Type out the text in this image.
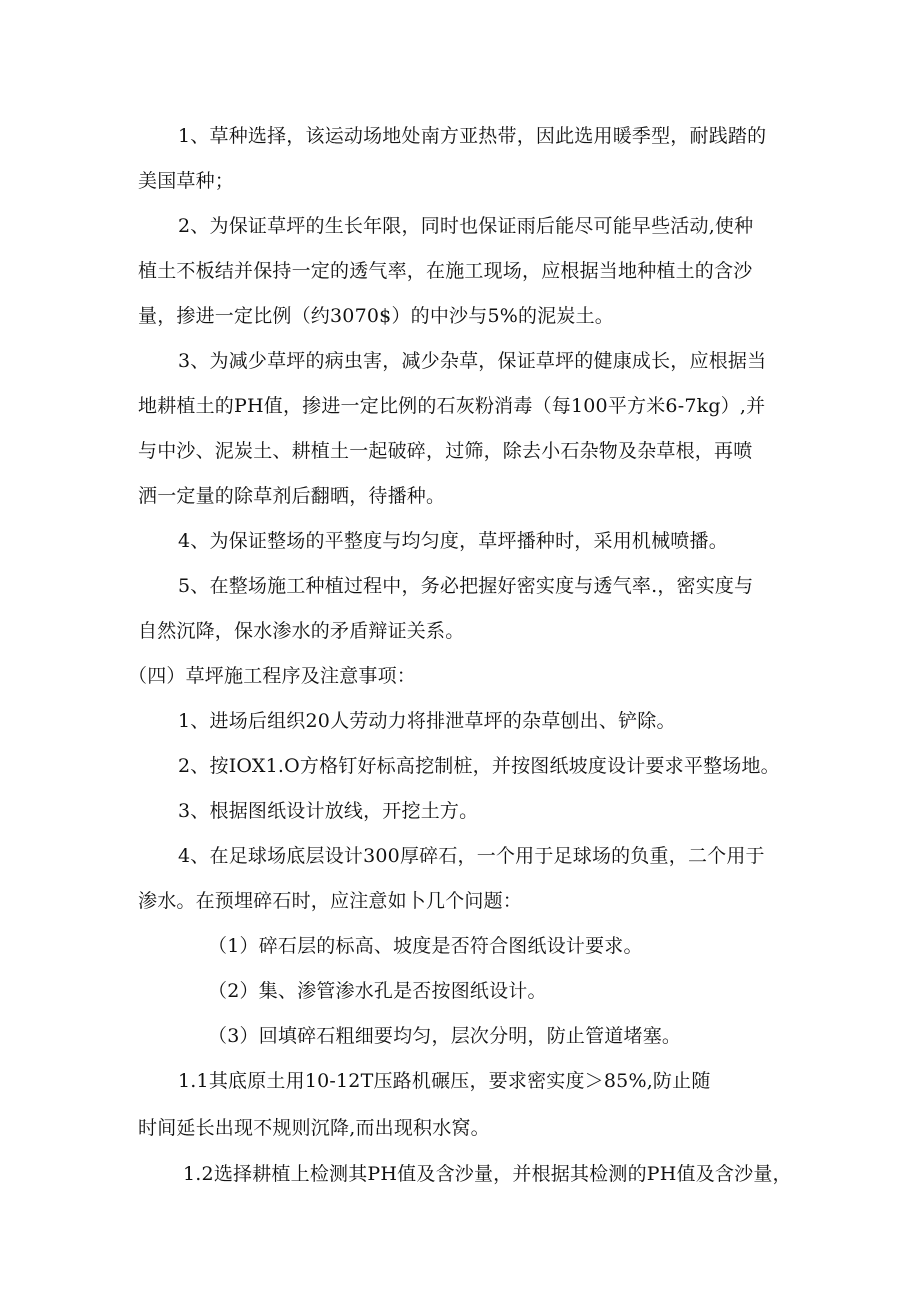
1、草种选择，该运动场地处南方亚热带，因此选用暖季型，耐践踏的
美国草种；
2、为保证草坪的生长年限，同时也保证雨后能尽可能早些活动,使种
植土不板结并保持一定的透气率，在施工现场，应根据当地种植土的含沙
量，掺进一定比例（约3070$）的中沙与5%的泥炭土。
3、为减少草坪的病虫害，减少杂草，保证草坪的健康成长，应根据当
地耕植土的PH值，掺进一定比例的石灰粉消毒（每100平方米6-7kg）,并
与中沙、泥炭土、耕植土一起破碎，过筛，除去小石杂物及杂草根，再喷
洒一定量的除草剂后翻晒，待播种。
4、为保证整场的平整度与均匀度，草坪播种时，采用机械喷播。
5、在整场施工种植过程中，务必把握好密实度与透气率.，密实度与
自然沉降，保水渗水的矛盾辩证关系。
（四）草坪施工程序及注意事项：
1、进场后组织20人劳动力将排泄草坪的杂草刨出、铲除。
2、按IOX1.O方格钉好标高挖制桩，并按图纸坡度设计要求平整场地。
3、根据图纸设计放线，开挖土方。
4、在足球场底层设计300厚碎石，一个用于足球场的负重，二个用于
渗水。在预埋碎石时，应注意如卜几个问题：
（1）碎石层的标高、坡度是否符合图纸设计要求。
（2）集、渗管渗水孔是否按图纸设计。
（3）回填碎石粗细要均匀，层次分明，防止管道堵塞。
1.1其底原土用10-12T压路机碾压，要求密实度＞85%,防止随
时间延长出现不规则沉降,而出现积水窝。
1.2选择耕植上检测其PH值及含沙量，并根据其检测的PH值及含沙量，
